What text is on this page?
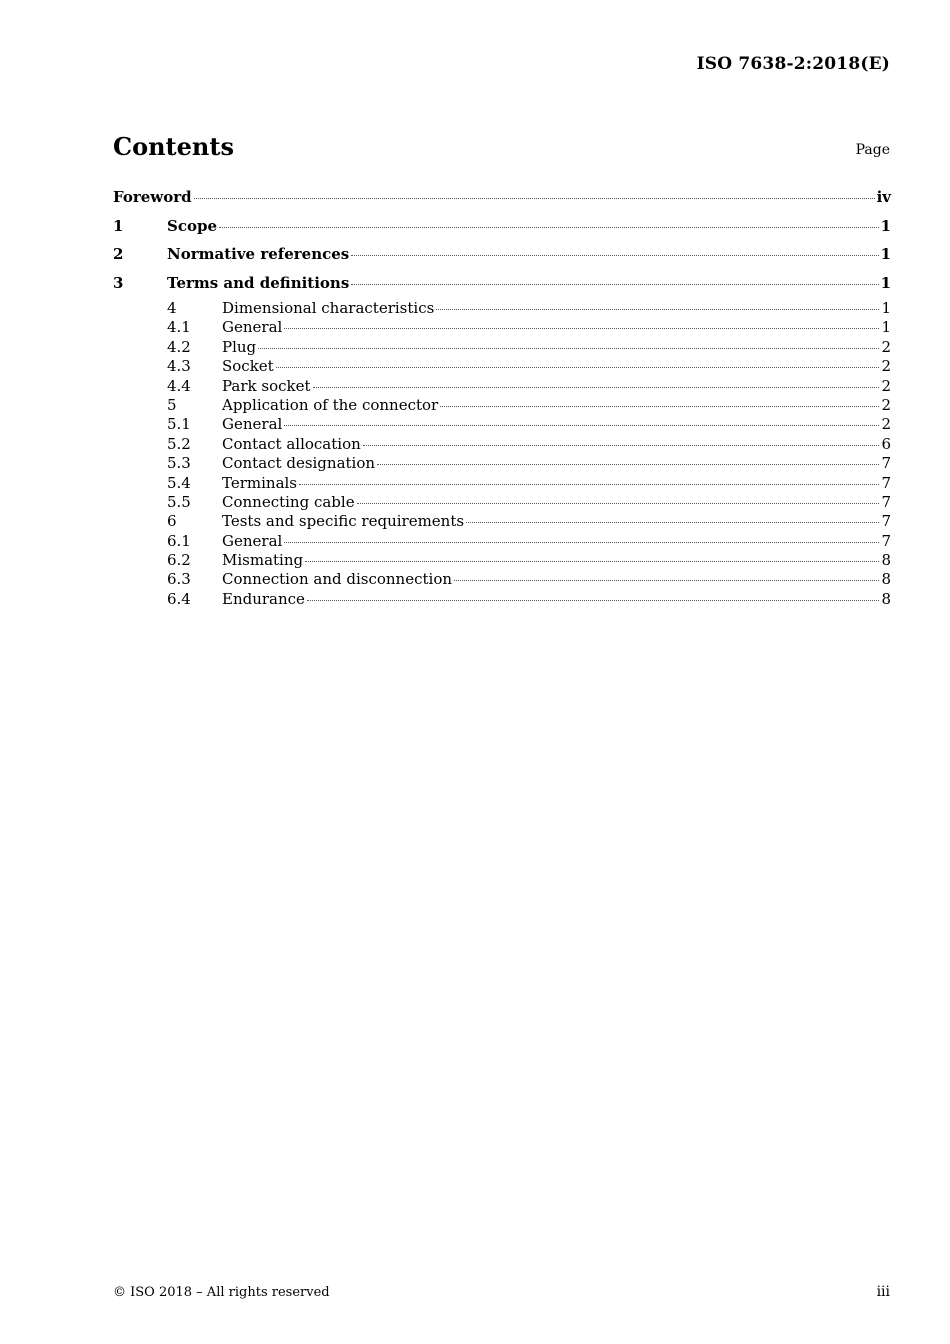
ISO 7638-2:2018(E)
Contents	Page
Foreword	iv
1	Scope	1
2	Normative references	1
3	Terms and definitions	1
4	Dimensional characteristics	1
4.1	General	1
4.2	Plug	2
4.3	Socket	2
4.4	Park socket	2
5	Application of the connector	2
5.1	General	2
5.2	Contact allocation	6
5.3	Contact designation	7
5.4	Terminals	7
5.5	Connecting cable	7
6	Tests and specific requirements	7
6.1	General	7
6.2	Mismating	8
6.3	Connection and disconnection	8
6.4	Endurance	8
© ISO 2018 – All rights reserved	iii
